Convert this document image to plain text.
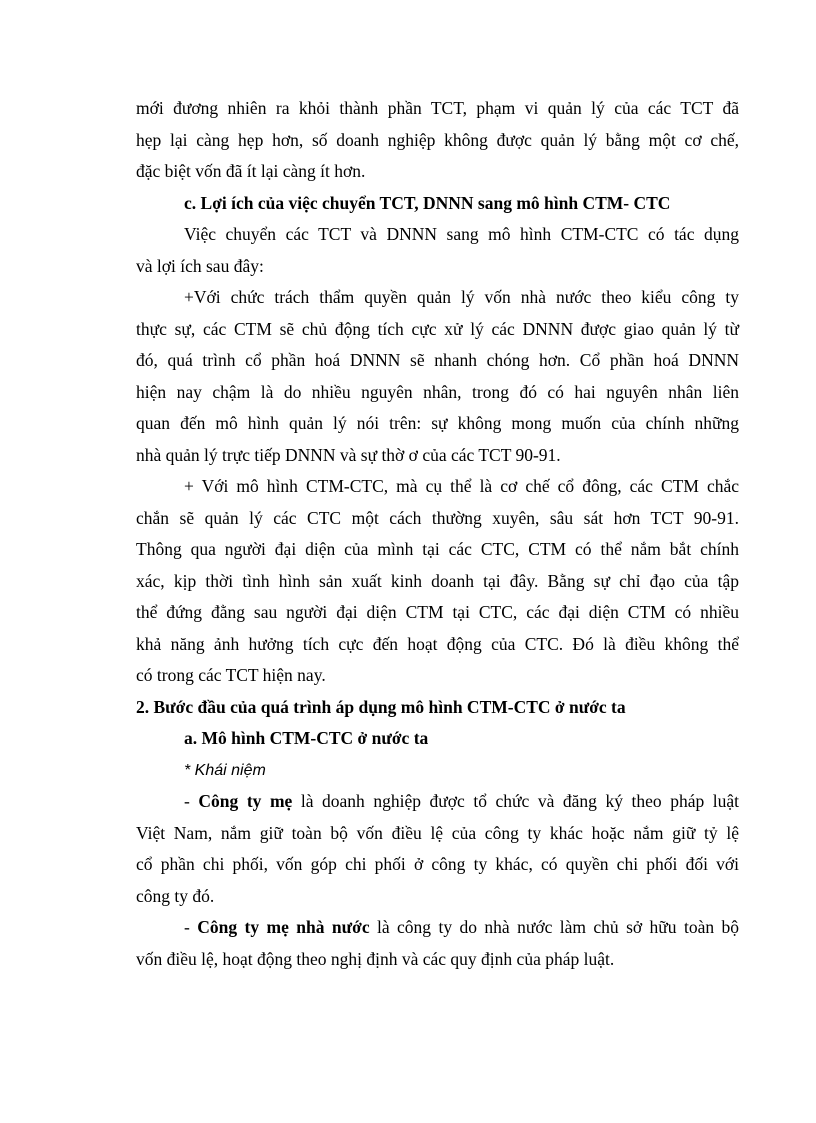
mới đương nhiên ra khỏi thành phần TCT, phạm vi quản lý của các TCT đã
hẹp lại càng hẹp hơn, số doanh nghiệp không được quản lý bằng một cơ chế,
đặc biệt vốn đã ít lại càng ít hơn.
c. Lợi ích của việc chuyển TCT, DNNN sang mô hình CTM- CTC
Việc chuyển các TCT và DNNN sang mô hình CTM-CTC có tác dụng
và lợi ích sau đây:
+Với chức trách thẩm quyền quản lý vốn nhà nước theo kiểu công ty
thực sự, các CTM sẽ chủ động tích cực xử lý các DNNN được giao quản lý từ
đó, quá trình cổ phần hoá DNNN sẽ nhanh chóng hơn. Cổ phần hoá DNNN
hiện nay chậm là do nhiều nguyên nhân, trong đó có hai nguyên nhân liên
quan đến mô hình quản lý nói trên: sự không mong muốn của chính những
nhà quản lý trực tiếp DNNN và sự thờ ơ của các TCT 90-91.
+ Với mô hình CTM-CTC, mà cụ thể là cơ chế cổ đông, các CTM chắc
chắn sẽ quản lý các CTC một cách thường xuyên, sâu sát hơn TCT 90-91.
Thông qua người đại diện của mình tại các CTC, CTM có thể nắm bắt chính
xác, kịp thời tình hình sản xuất kinh doanh tại đây. Bằng sự chỉ đạo của tập
thể đứng đằng sau người đại diện CTM tại CTC, các đại diện CTM có nhiều
khả năng ảnh hưởng tích cực đến hoạt động của CTC. Đó là điều không thể
có trong các TCT hiện nay.
2. Bước đầu của quá trình áp dụng mô hình CTM-CTC ở nước ta
a. Mô hình CTM-CTC ở nước ta
* Khái niệm
- Công ty mẹ là doanh nghiệp được tổ chức và đăng ký theo pháp luật
Việt Nam, nắm giữ toàn bộ vốn điều lệ của công ty khác hoặc nắm giữ tỷ lệ
cổ phần chi phối, vốn góp chi phối ở công ty khác, có quyền chi phối đối với
công ty đó.
- Công ty mẹ nhà nước là công ty do nhà nước làm chủ sở hữu toàn bộ
vốn điều lệ, hoạt động theo nghị định và các quy định của pháp luật.
